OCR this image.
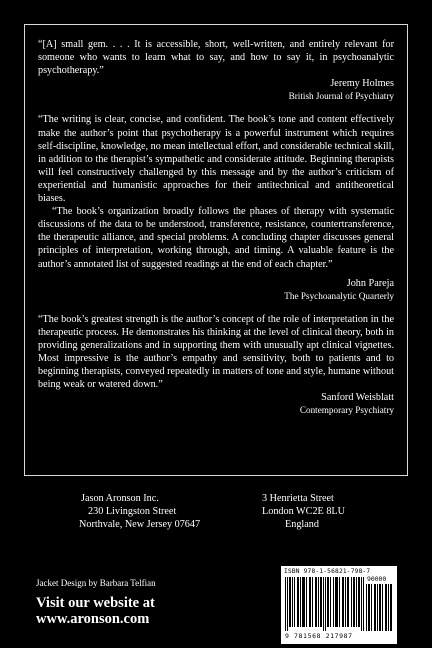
“[A] small gem. . . . It is accessible, short, well-written, and entirely relevant for someone who wants to learn what to say, and how to say it, in psychoanalytic psychotherapy.”

Jeremy Holmes
British Journal of Psychiatry

“The writing is clear, concise, and confident. The book’s tone and content effectively make the author’s point that psychotherapy is a powerful instrument which requires self-discipline, knowledge, no mean intellectual effort, and considerable technical skill, in addition to the therapist’s sympathetic and considerate attitude. Beginning therapists will feel constructively challenged by this message and by the author’s criticism of experiential and humanistic approaches for their antitechnical and antitheoretical biases.

“The book’s organization broadly follows the phases of therapy with systematic discussions of the data to be understood, transference, resistance, countertransference, the therapeutic alliance, and special problems. A concluding chapter discusses general principles of interpretation, working through, and timing. A valuable feature is the author’s annotated list of suggested readings at the end of each chapter.”

John Pareja
The Psychoanalytic Quarterly

“The book’s greatest strength is the author’s concept of the role of interpretation in the therapeutic process. He demonstrates his thinking at the level of clinical theory, both in providing generalizations and in supporting them with unusually apt clinical vignettes. Most impressive is the author’s empathy and sensitivity, both to patients and to beginning therapists, conveyed repeatedly in matters of tone and style, humane without being weak or watered down.”

Sanford Weisblatt
Contemporary Psychiatry

Jason Aronson Inc.
230 Livingston Street
Northvale, New Jersey 07647
3 Henrietta Street
London WC2E 8LU
England
Jacket Design by Barbara Telfian
Visit our website at
www.aronson.com
ISBN 978-1-56821-798-7
90000
9 781568 217987
